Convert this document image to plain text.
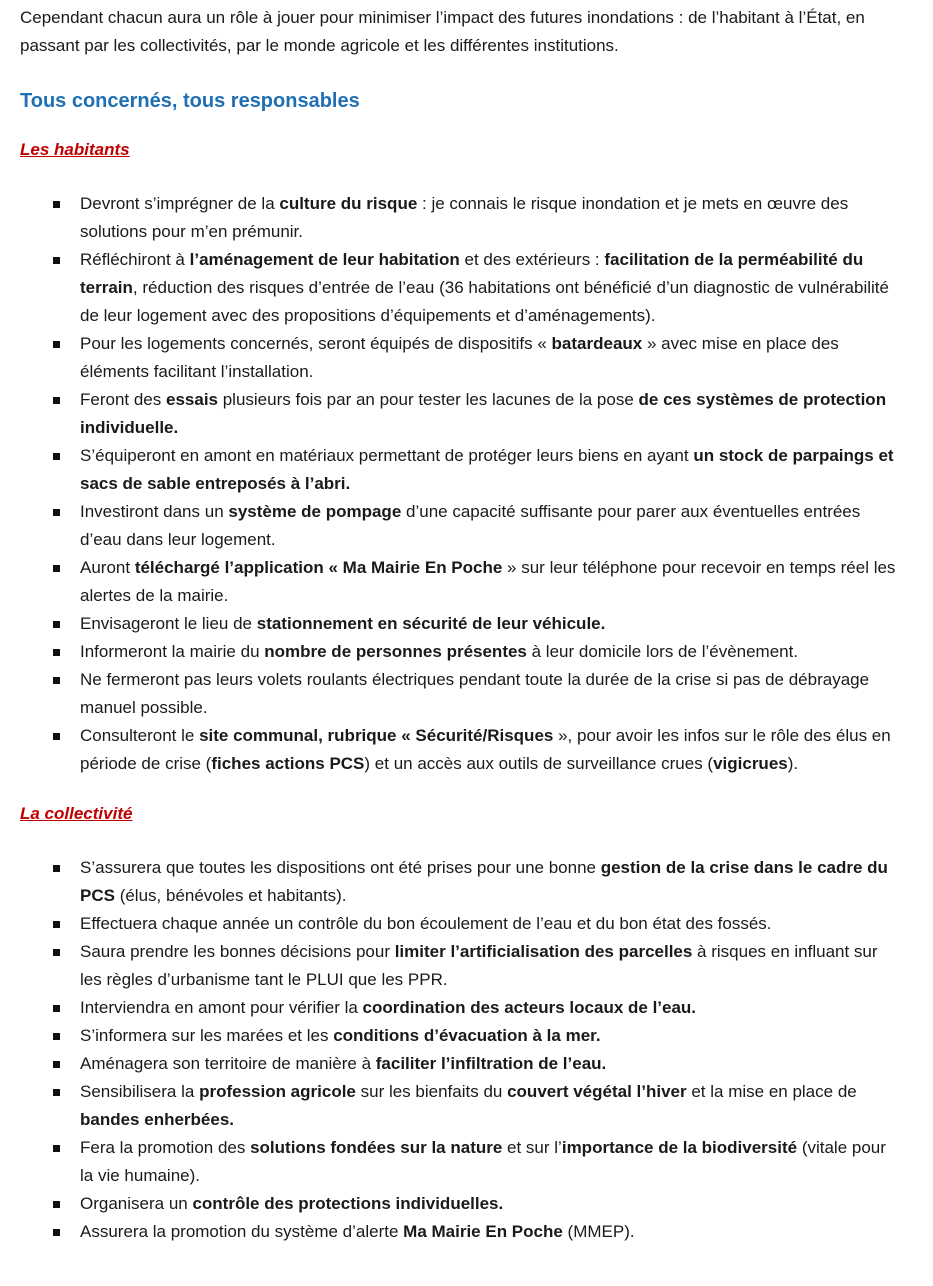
Cependant chacun aura un rôle à jouer pour minimiser l’impact des futures inondations : de l’habitant à l’État, en passant par les collectivités, par le monde agricole et les différentes institutions.

Tous concernés, tous responsables

Les habitants

Devront s’imprégner de la culture du risque : je connais le risque inondation et je mets en œuvre des solutions pour m’en prémunir.
Réfléchiront à l’aménagement de leur habitation et des extérieurs : facilitation de la perméabilité du terrain, réduction des risques d’entrée de l’eau (36 habitations ont bénéficié d’un diagnostic de vulnérabilité de leur logement avec des propositions d’équipements et d’aménagements).
Pour les logements concernés, seront équipés de dispositifs « batardeaux » avec mise en place des éléments facilitant l’installation.
Feront des essais plusieurs fois par an pour tester les lacunes de la pose de ces systèmes de protection individuelle.
S’équiperont en amont en matériaux permettant de protéger leurs biens en ayant un stock de parpaings et sacs de sable entreposés à l’abri.
Investiront dans un système de pompage d’une capacité suffisante pour parer aux éventuelles entrées d’eau dans leur logement.
Auront téléchargé l’application « Ma Mairie En Poche » sur leur téléphone pour recevoir en temps réel les alertes de la mairie.
Envisageront le lieu de stationnement en sécurité de leur véhicule.
Informeront la mairie du nombre de personnes présentes à leur domicile lors de l’évènement.
Ne fermeront pas leurs volets roulants électriques pendant toute la durée de la crise si pas de débrayage manuel possible.
Consulteront le site communal, rubrique « Sécurité/Risques », pour avoir les infos sur le rôle des élus en période de crise (fiches actions PCS) et un accès aux outils de surveillance crues (vigicrues).

La collectivité

S’assurera que toutes les dispositions ont été prises pour une bonne gestion de la crise dans le cadre du PCS (élus, bénévoles et habitants).
Effectuera chaque année un contrôle du bon écoulement de l’eau et du bon état des fossés.
Saura prendre les bonnes décisions pour limiter l’artificialisation des parcelles à risques en influant sur les règles d’urbanisme tant le PLUI que les PPR.
Interviendra en amont pour vérifier la coordination des acteurs locaux de l’eau.
S’informera sur les marées et les conditions d’évacuation à la mer.
Aménagera son territoire de manière à faciliter l’infiltration de l’eau.
Sensibilisera la profession agricole sur les bienfaits du couvert végétal l’hiver et la mise en place de bandes enherbées.
Fera la promotion des solutions fondées sur la nature et sur l’importance de la biodiversité (vitale pour la vie humaine).
Organisera un contrôle des protections individuelles.
Assurera la promotion du système d’alerte Ma Mairie En Poche (MMEP).
